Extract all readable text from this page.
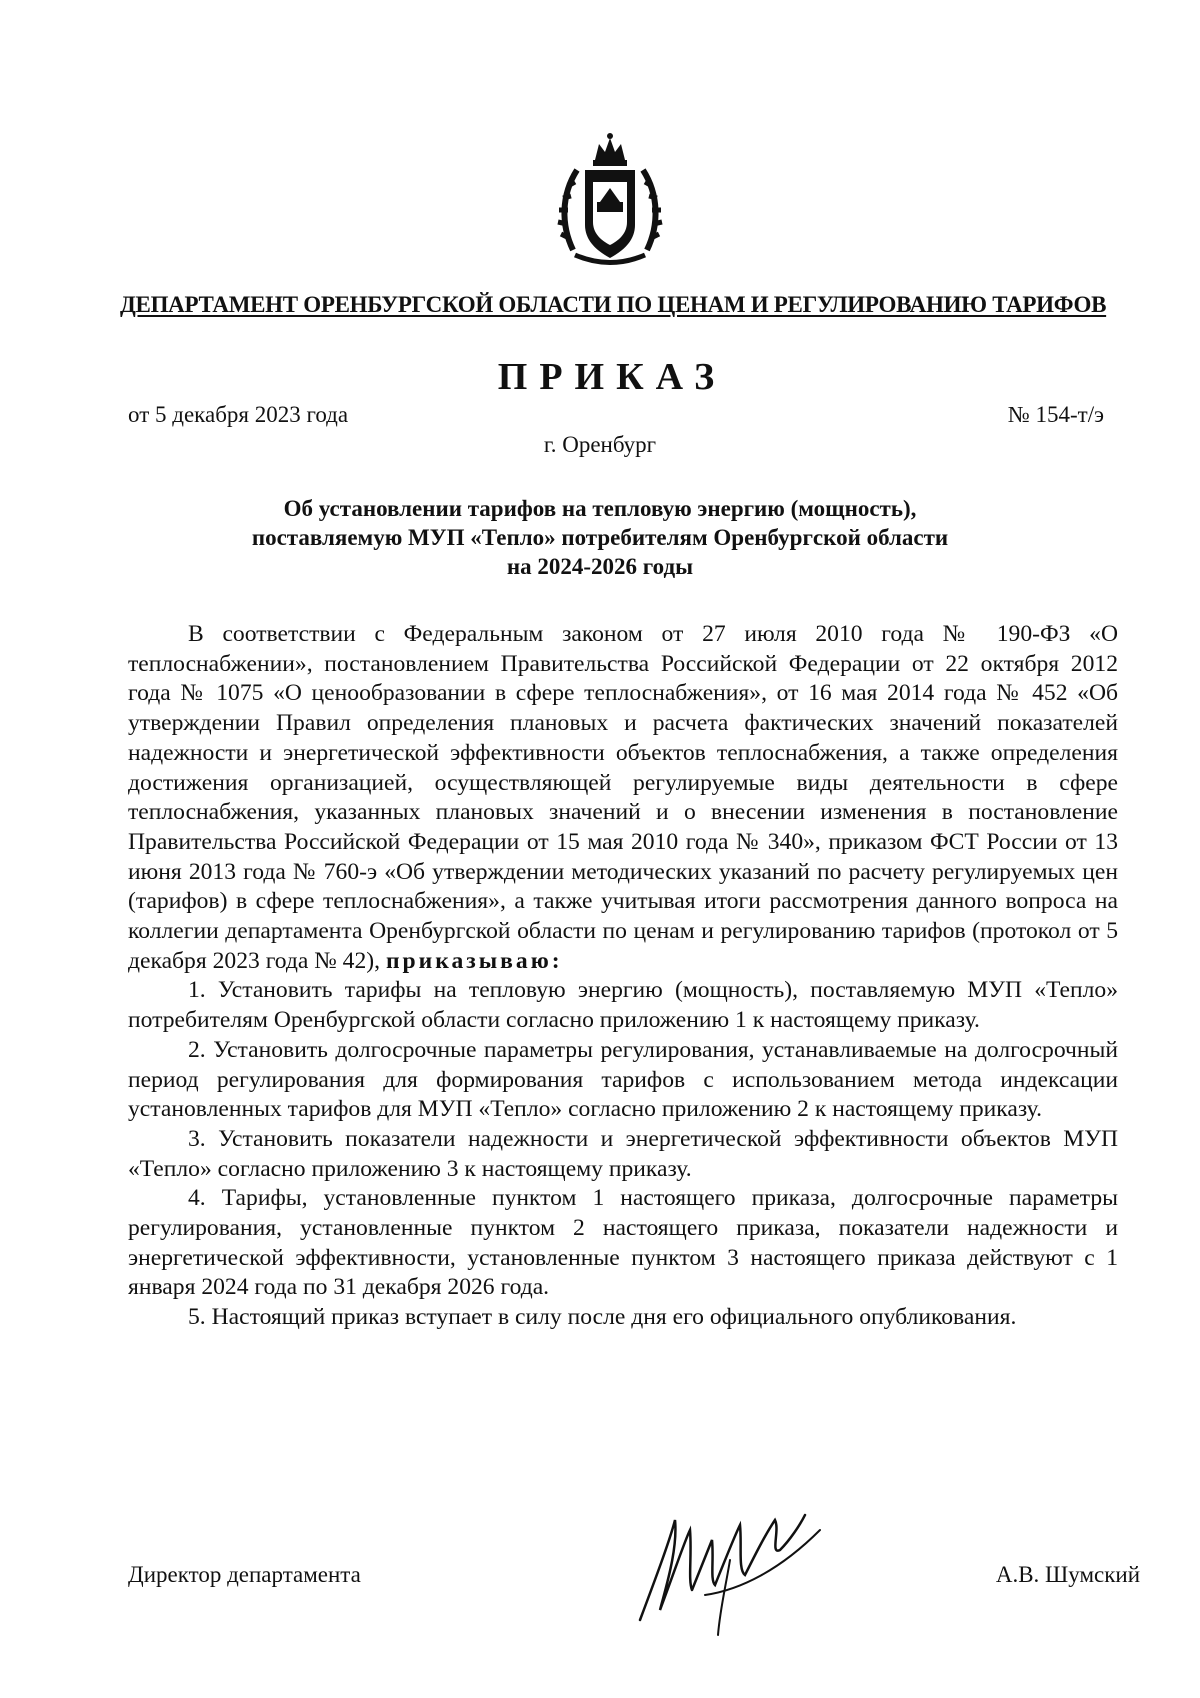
ДЕПАРТАМЕНТ ОРЕНБУРГСКОЙ ОБЛАСТИ ПО ЦЕНАМ И РЕГУЛИРОВАНИЮ ТАРИФОВ
ПРИКАЗ
от 5 декабря 2023 года	№ 154-т/э
г. Оренбург
Об установлении тарифов на тепловую энергию (мощность),
поставляемую МУП «Тепло» потребителям Оренбургской области
на 2024-2026 годы

В соответствии с Федеральным законом от 27 июля 2010 года № 190-ФЗ «О теплоснабжении», постановлением Правительства Российской Федерации от 22 октября 2012 года № 1075 «О ценообразовании в сфере теплоснабжения», от 16 мая 2014 года № 452 «Об утверждении Правил определения плановых и расчета фактических значений показателей надежности и энергетической эффективности объектов теплоснабжения, а также определения достижения организацией, осуществляющей регулируемые виды деятельности в сфере теплоснабжения, указанных плановых значений и о внесении изменения в постановление Правительства Российской Федерации от 15 мая 2010 года № 340», приказом ФСТ России от 13 июня 2013 года № 760-э «Об утверждении методических указаний по расчету регулируемых цен (тарифов) в сфере теплоснабжения», а также учитывая итоги рассмотрения данного вопроса на коллегии департамента Оренбургской области по ценам и регулированию тарифов (протокол от 5 декабря 2023 года № 42), приказываю:

1. Установить тарифы на тепловую энергию (мощность), поставляемую МУП «Тепло» потребителям Оренбургской области согласно приложению 1 к настоящему приказу.

2. Установить долгосрочные параметры регулирования, устанавливаемые на долгосрочный период регулирования для формирования тарифов с использованием метода индексации установленных тарифов для МУП «Тепло» согласно приложению 2 к настоящему приказу.

3. Установить показатели надежности и энергетической эффективности объектов МУП «Тепло» согласно приложению 3 к настоящему приказу.

4. Тарифы, установленные пунктом 1 настоящего приказа, долгосрочные параметры регулирования, установленные пунктом 2 настоящего приказа, показатели надежности и энергетической эффективности, установленные пунктом 3 настоящего приказа действуют с 1 января 2024 года по 31 декабря 2026 года.

5. Настоящий приказ вступает в силу после дня его официального опубликования.

Директор департамента	А.В. Шумский
